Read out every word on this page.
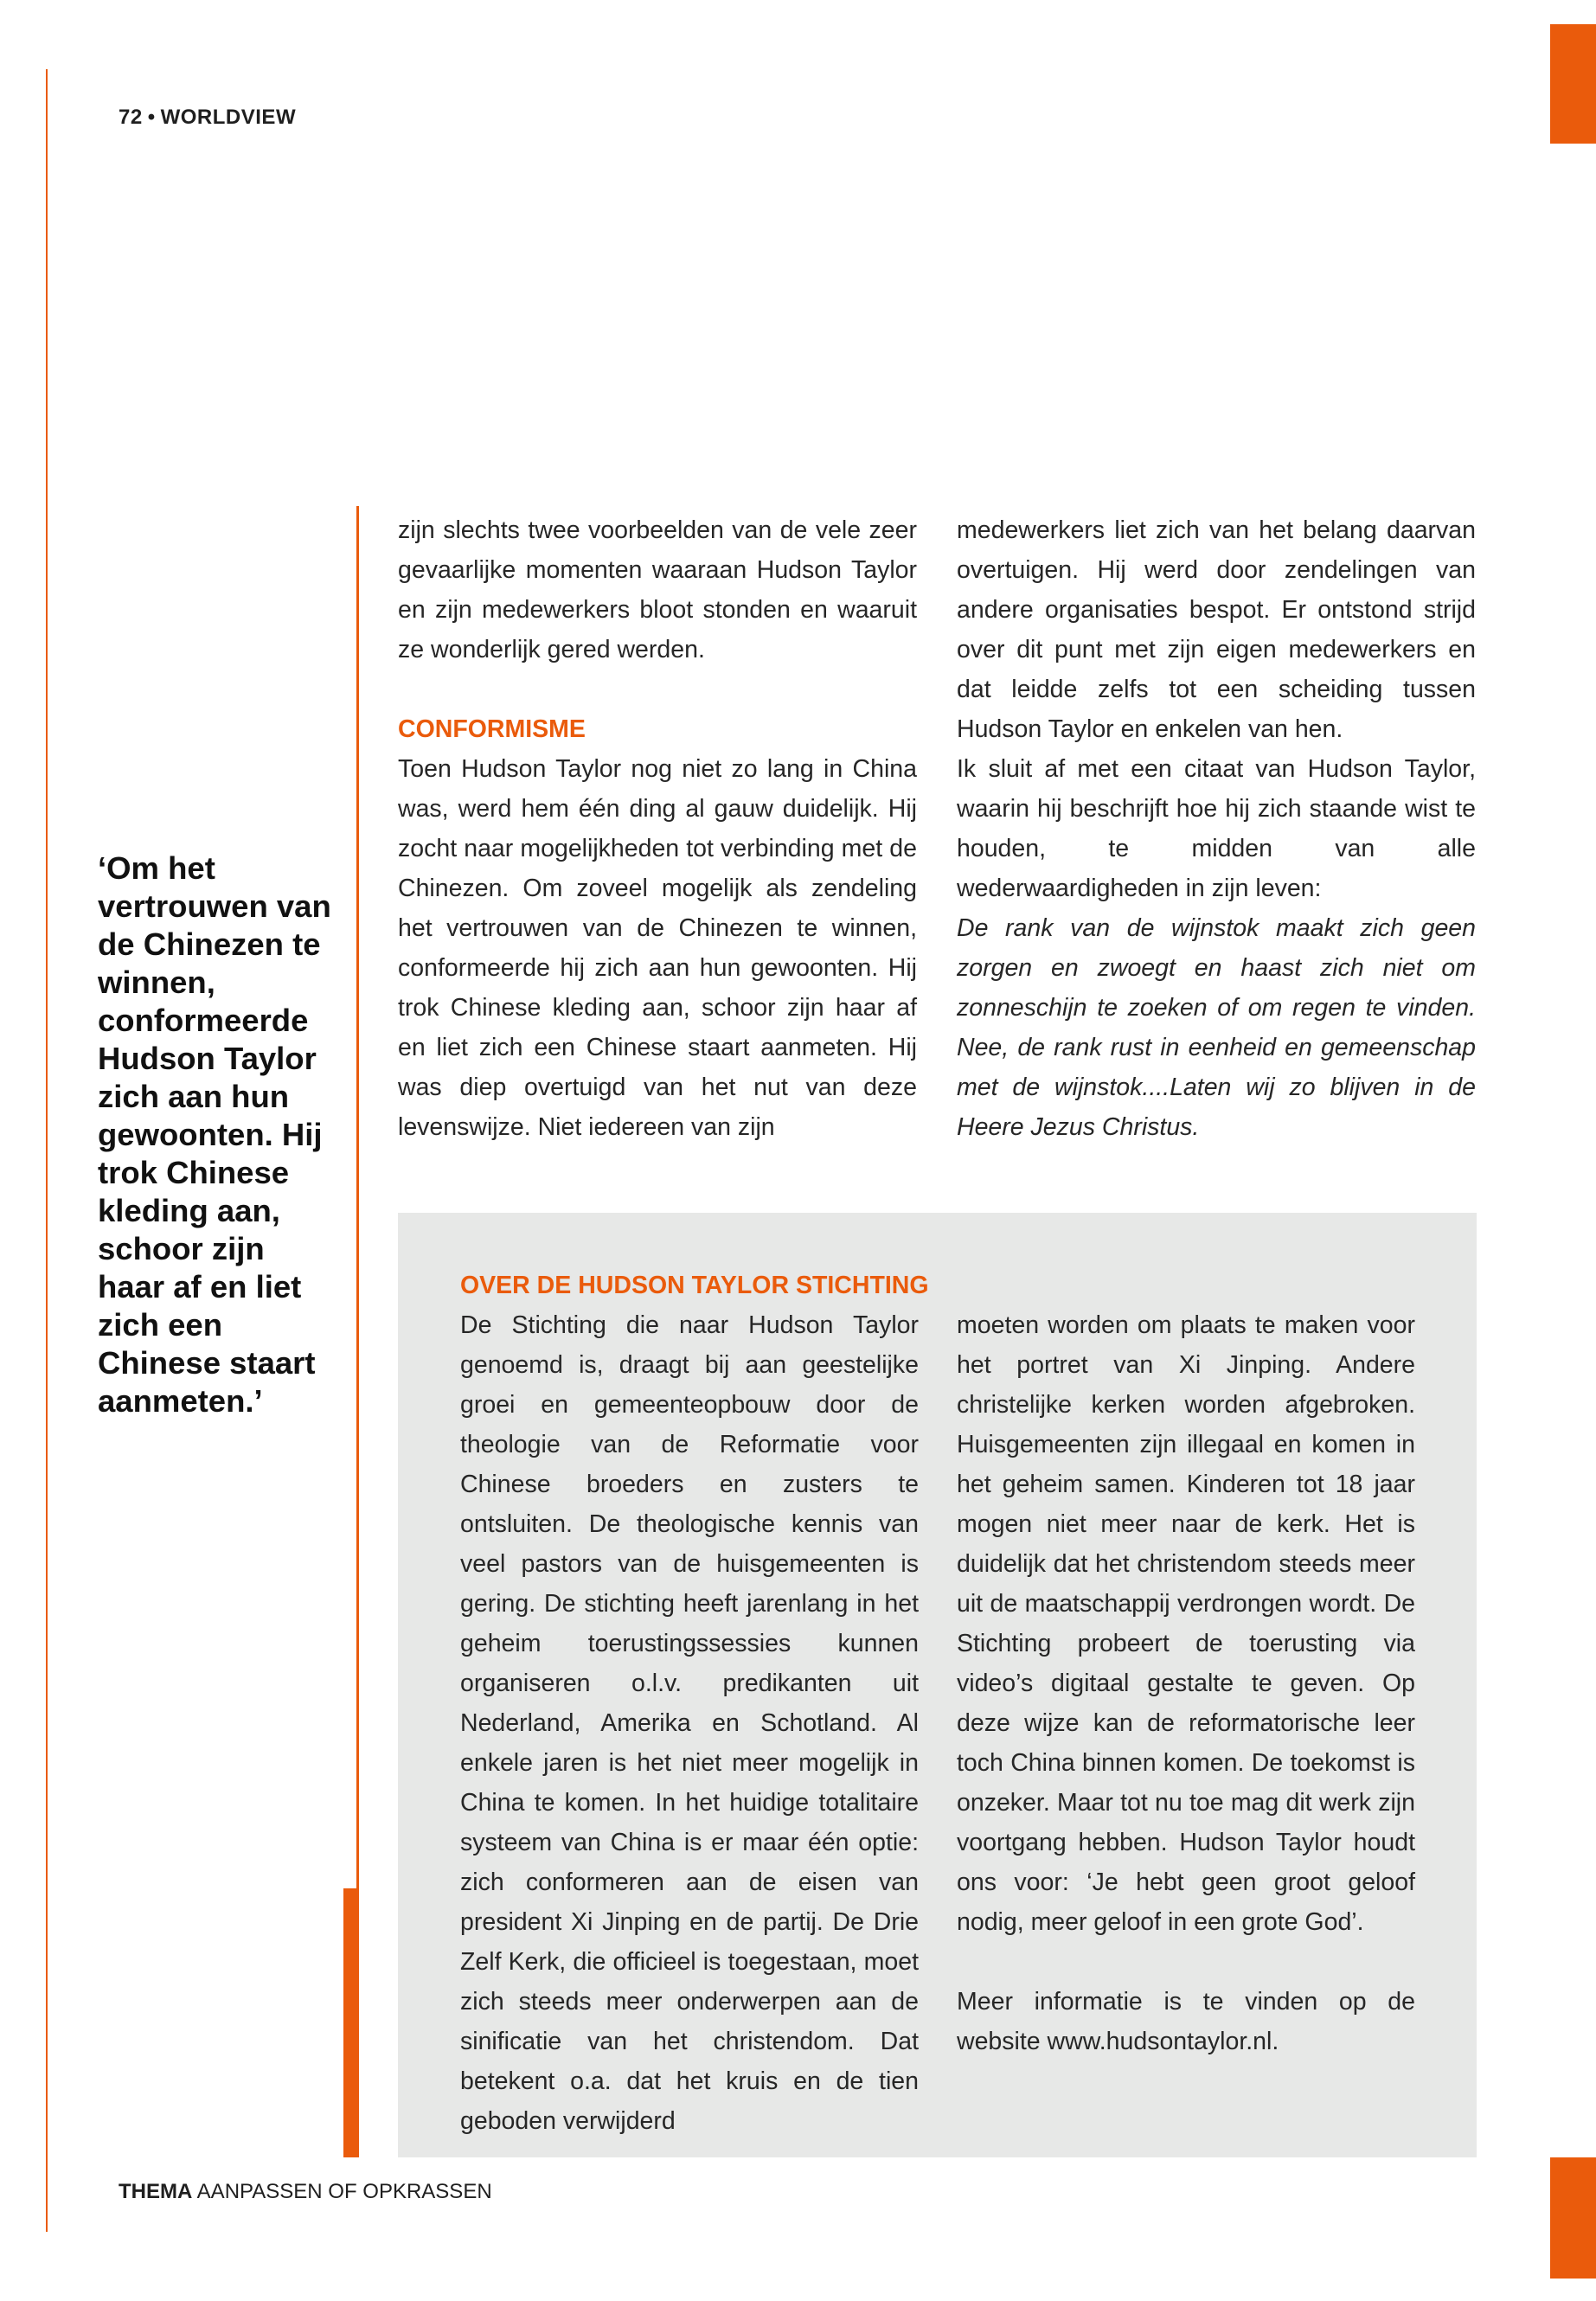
72 • WORLDVIEW
‘Om het vertrouwen van de Chinezen te winnen, conformeerde Hudson Taylor zich aan hun gewoonten. Hij trok Chinese kleding aan, schoor zijn haar af en liet zich een Chinese staart aanmeten.’

zijn slechts twee voorbeelden van de vele zeer gevaarlijke momenten waaraan Hudson Taylor en zijn medewerkers bloot stonden en waaruit ze wonderlijk gered werden.

CONFORMISME

Toen Hudson Taylor nog niet zo lang in China was, werd hem één ding al gauw duidelijk. Hij zocht naar mogelijkheden tot verbinding met de Chinezen. Om zoveel mogelijk als zendeling het vertrouwen van de Chinezen te winnen, conformeerde hij zich aan hun gewoonten. Hij trok Chinese kleding aan, schoor zijn haar af en liet zich een Chinese staart aanmeten. Hij was diep overtuigd van het nut van deze levenswijze. Niet iedereen van zijn

medewerkers liet zich van het belang daarvan overtuigen. Hij werd door zendelingen van andere organisaties bespot. Er ontstond strijd over dit punt met zijn eigen medewerkers en dat leidde zelfs tot een scheiding tussen Hudson Taylor en enkelen van hen.

Ik sluit af met een citaat van Hudson Taylor, waarin hij beschrijft hoe hij zich staande wist te houden, te midden van alle wederwaardigheden in zijn leven:

De rank van de wijnstok maakt zich geen zorgen en zwoegt en haast zich niet om zonneschijn te zoeken of om regen te vinden. Nee, de rank rust in eenheid en gemeenschap met de wijnstok....Laten wij zo blijven in de Heere Jezus Christus.

OVER DE HUDSON TAYLOR STICHTING

De Stichting die naar Hudson Taylor genoemd is, draagt bij aan geestelijke groei en gemeenteopbouw door de theologie van de Reformatie voor Chinese broeders en zusters te ontsluiten. De theologische kennis van veel pastors van de huisgemeenten is gering. De stichting heeft jarenlang in het geheim toerustingssessies kunnen organiseren o.l.v. predikanten uit Nederland, Amerika en Schotland. Al enkele jaren is het niet meer mogelijk in China te komen. In het huidige totalitaire systeem van China is er maar één optie: zich conformeren aan de eisen van president Xi Jinping en de partij. De Drie Zelf Kerk, die officieel is toegestaan, moet zich steeds meer onderwerpen aan de sinificatie van het christendom. Dat betekent o.a. dat het kruis en de tien geboden verwijderd

moeten worden om plaats te maken voor het portret van Xi Jinping. Andere christelijke kerken worden afgebroken. Huisgemeenten zijn illegaal en komen in het geheim samen. Kinderen tot 18 jaar mogen niet meer naar de kerk. Het is duidelijk dat het christendom steeds meer uit de maatschappij verdrongen wordt. De Stichting probeert de toerusting via video’s digitaal gestalte te geven. Op deze wijze kan de reformatorische leer toch China binnen komen. De toekomst is onzeker. Maar tot nu toe mag dit werk zijn voortgang hebben. Hudson Taylor houdt ons voor: ‘Je hebt geen groot geloof nodig, meer geloof in een grote God’.

Meer informatie is te vinden op de website www.hudsontaylor.nl.

THEMA AANPASSEN OF OPKRASSEN
